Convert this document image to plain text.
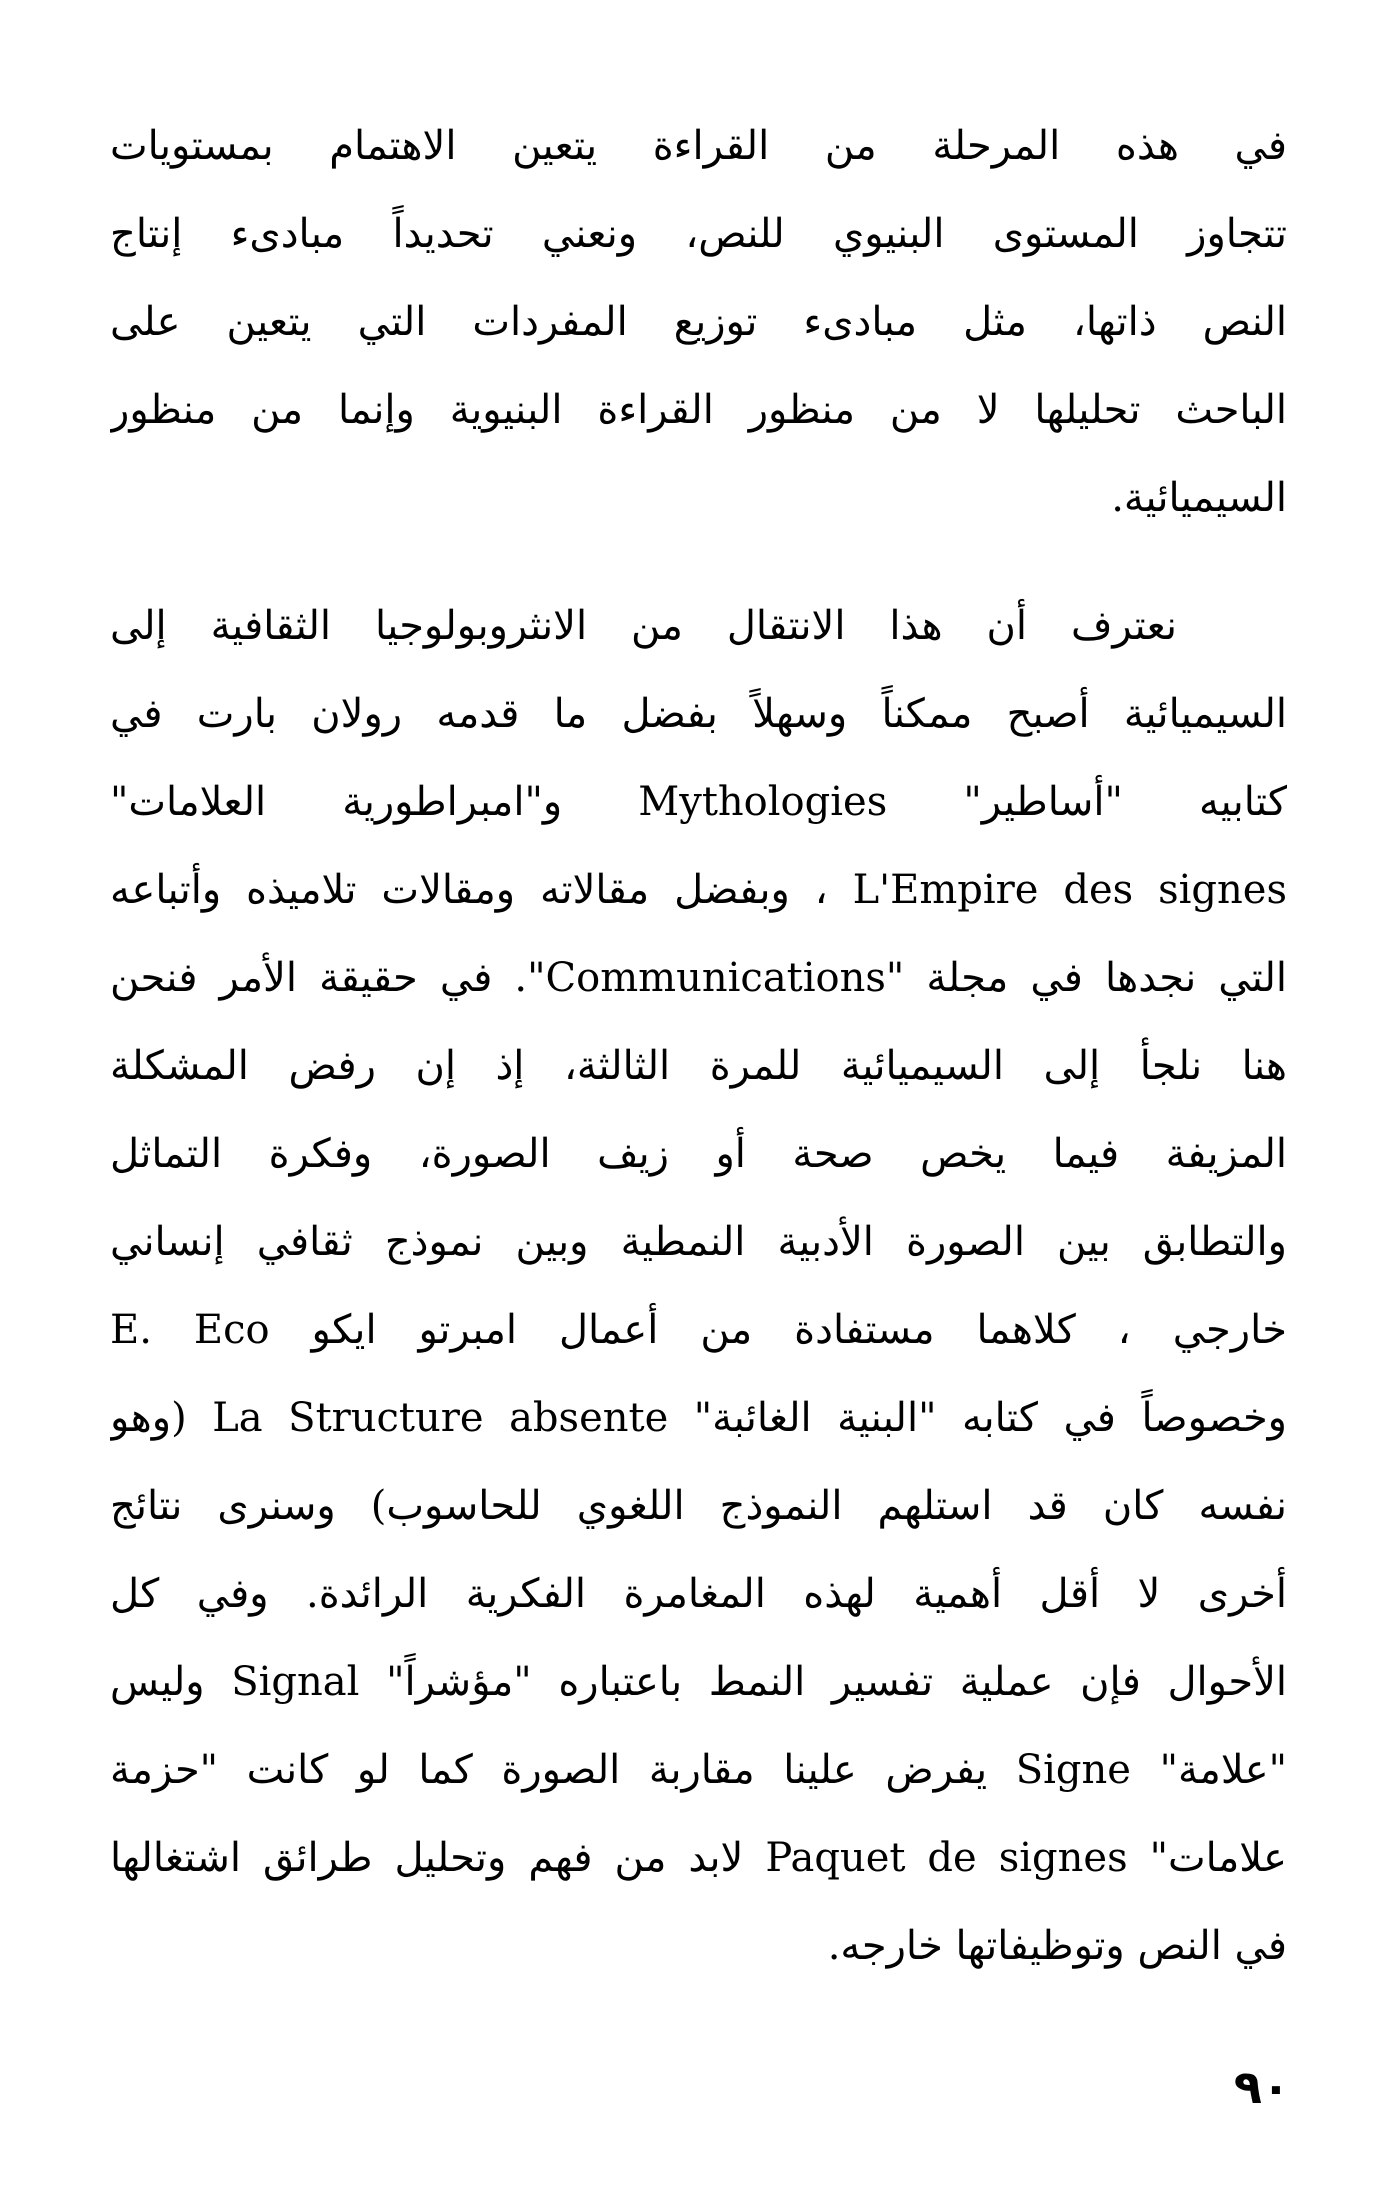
في هذه المرحلة من القراءة يتعين الاهتمام بمستويات
تتجاوز المستوى البنيوي للنص، ونعني تحديداً مبادىء إنتاج
النص ذاتها، مثل مبادىء توزيع المفردات التي يتعين على
الباحث تحليلها لا من منظور القراءة البنيوية وإنما من منظور
السيميائية.
نعترف أن هذا الانتقال من الانثروبولوجيا الثقافية إلى
السيميائية أصبح ممكناً وسهلاً بفضل ما قدمه رولان بارت في
كتابيه "أساطير" Mythologies و"امبراطورية العلامات"
L'Empire des signes ، وبفضل مقالاته ومقالات تلاميذه وأتباعه
التي نجدها في مجلة "Communications". في حقيقة الأمر فنحن
هنا نلجأ إلى السيميائية للمرة الثالثة، إذ إن رفض المشكلة
المزيفة فيما يخص صحة أو زيف الصورة، وفكرة التماثل
والتطابق بين الصورة الأدبية النمطية وبين نموذج ثقافي إنساني
خارجي ، كلاهما مستفادة من أعمال امبرتو ايكو E. Eco
وخصوصاً في كتابه "البنية الغائبة" La Structure absente (وهو
نفسه كان قد استلهم النموذج اللغوي للحاسوب) وسنرى نتائج
أخرى لا أقل أهمية لهذه المغامرة الفكرية الرائدة. وفي كل
الأحوال فإن عملية تفسير النمط باعتباره "مؤشراً" Signal وليس
"علامة" Signe يفرض علينا مقاربة الصورة كما لو كانت "حزمة
علامات" Paquet de signes لابد من فهم وتحليل طرائق اشتغالها
في النص وتوظيفاتها خارجه.
٩٠
